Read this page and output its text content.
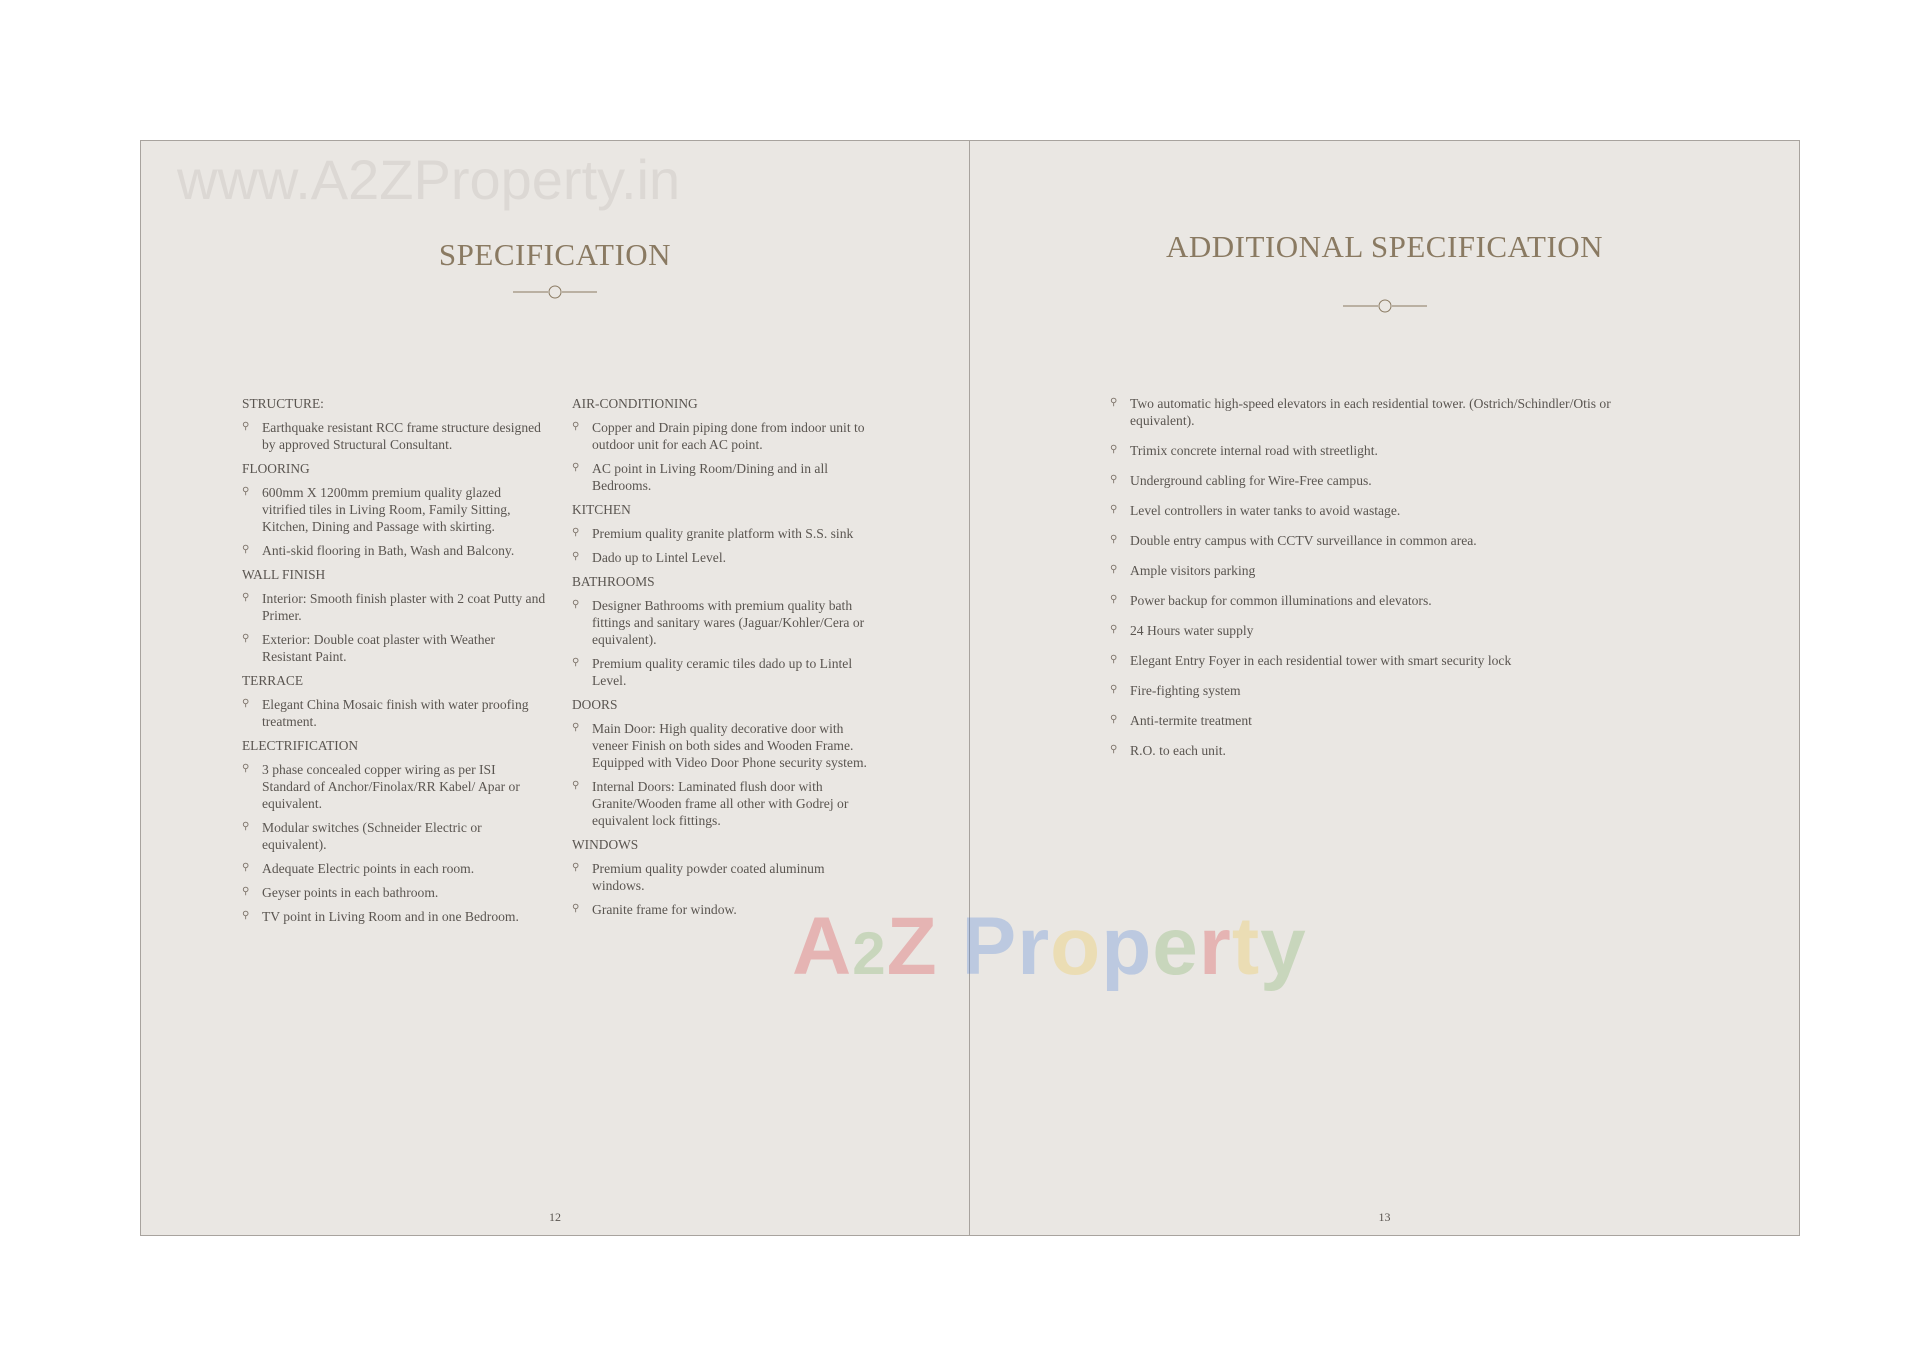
www.A2ZProperty.in
SPECIFICATION
STRUCTURE:
⚲ Earthquake resistant RCC frame structure designed by approved Structural Consultant.
FLOORING
⚲ 600mm X 1200mm premium quality glazed vitrified tiles in Living Room, Family Sitting, Kitchen, Dining and Passage with skirting.
⚲ Anti-skid flooring in Bath, Wash and Balcony.
WALL FINISH
⚲ Interior: Smooth finish plaster with 2 coat Putty and Primer.
⚲ Exterior: Double coat plaster with Weather Resistant Paint.
TERRACE
⚲ Elegant China Mosaic finish with water proofing treatment.
ELECTRIFICATION
⚲ 3 phase concealed copper wiring as per ISI Standard of Anchor/Finolax/RR Kabel/ Apar or equivalent.
⚲ Modular switches (Schneider Electric or equivalent).
⚲ Adequate Electric points in each room.
⚲ Geyser points in each bathroom.
⚲ TV point in Living Room and in one Bedroom.
AIR-CONDITIONING
⚲ Copper and Drain piping done from indoor unit to outdoor unit for each AC point.
⚲ AC point in Living Room/Dining and in all Bedrooms.
KITCHEN
⚲ Premium quality granite platform with S.S. sink
⚲ Dado up to Lintel Level.
BATHROOMS
⚲ Designer Bathrooms with premium quality bath fittings and sanitary wares (Jaguar/Kohler/Cera or equivalent).
⚲ Premium quality ceramic tiles dado up to Lintel Level.
DOORS
⚲ Main Door: High quality decorative door with veneer Finish on both sides and Wooden Frame. Equipped with Video Door Phone security system.
⚲ Internal Doors: Laminated flush door with Granite/Wooden frame all other with Godrej or equivalent lock fittings.
WINDOWS
⚲ Premium quality powder coated aluminum windows.
⚲ Granite frame for window.
12
ADDITIONAL SPECIFICATION
⚲ Two automatic high-speed elevators in each residential tower. (Ostrich/Schindler/Otis or equivalent).
⚲ Trimix concrete internal road with streetlight.
⚲ Underground cabling for Wire-Free campus.
⚲ Level controllers in water tanks to avoid wastage.
⚲ Double entry campus with CCTV surveillance in common area.
⚲ Ample visitors parking
⚲ Power backup for common illuminations and elevators.
⚲ 24 Hours water supply
⚲ Elegant Entry Foyer in each residential tower with smart security lock
⚲ Fire-fighting system
⚲ Anti-termite treatment
⚲ R.O. to each unit.
13
A2Z Property
